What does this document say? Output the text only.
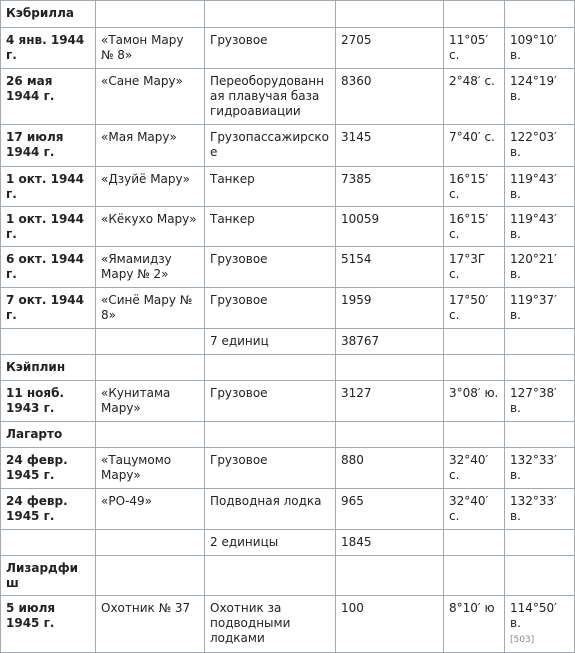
Кэбрилла					
4 янв. 1944 г.	«Тамон Мару № 8»	Грузовое	2705	11°05′ с.	109°10′ в.
26 мая 1944 г.	«Сане Мару»	Переоборудованная плавучая база гидроавиации	8360	2°48′ с.	124°19′ в.
17 июля 1944 г.	«Мая Мару»	Грузопассажирское	3145	7°40′ с.	122°03′ в.
1 окт. 1944 г.	«Дзуйё Мару»	Танкер	7385	16°15′ с.	119°43′ в.
1 окт. 1944 г.	«Кёкухо Мару»	Танкер	10059	16°15′ с.	119°43′ в.
6 окт. 1944 г.	«Ямамидзу Мару № 2»	Грузовое	5154	17°3Г с.	120°21′ в.
7 окт. 1944 г.	«Синё Мару № 8»	Грузовое	1959	17°50′ с.	119°37′ в.
		7 единиц	38767		
Кэйплин					
11 нояб. 1943 г.	«Кунитама Мару»	Грузовое	3127	3°08′ ю.	127°38′ в.
Лагарто					
24 февр. 1945 г.	«Тацумомо Мару»	Грузовое	880	32°40′ с.	132°33′ в.
24 февр. 1945 г.	«РО-49»	Подводная лодка	965	32°40′ с.	132°33′ в.
		2 единицы	1845		
Лизардфиш					
5 июля 1945 г.	Охотник № 37	Охотник за подводными лодками	100	8°10′ ю	114°50′ в.
[503]
